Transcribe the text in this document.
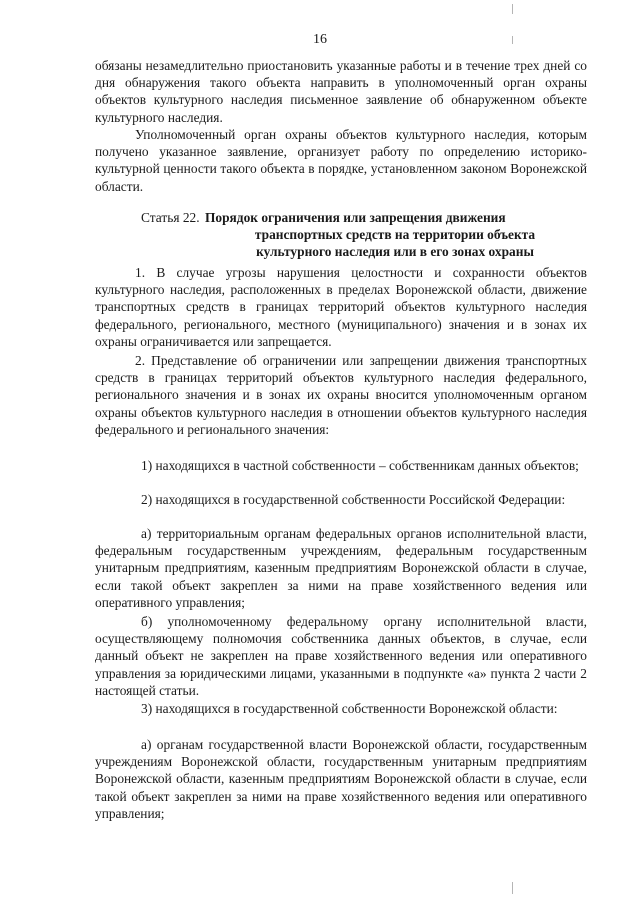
16
обязаны незамедлительно приостановить указанные работы и в течение трех дней со дня обнаружения такого объекта направить в уполномоченный орган охраны объектов культурного наследия письменное заявление об обнаруженном объекте культурного наследия.
Уполномоченный орган охраны объектов культурного наследия, которым получено указанное заявление, организует работу по определению историко-культурной ценности такого объекта в порядке, установленном законом Воронежской области.
Статья 22. Порядок ограничения или запрещения движения
транспортных средств на территории объекта
культурного наследия или в его зонах охраны
1. В случае угрозы нарушения целостности и сохранности объектов культурного наследия, расположенных в пределах Воронежской области, движение транспортных средств в границах территорий объектов культурного наследия федерального, регионального, местного (муниципального) значения и в зонах их охраны ограничивается или запрещается.
2. Представление об ограничении или запрещении движения транспортных средств в границах территорий объектов культурного наследия федерального, регионального значения и в зонах их охраны вносится уполномоченным органом охраны объектов культурного наследия в отношении объектов культурного наследия федерального и регионального значения:
1) находящихся в частной собственности – собственникам данных объектов;
2) находящихся в государственной собственности Российской Федерации:
а) территориальным органам федеральных органов исполнительной власти, федеральным государственным учреждениям, федеральным государственным унитарным предприятиям, казенным предприятиям Воронежской области в случае, если такой объект закреплен за ними на праве хозяйственного ведения или оперативного управления;
б) уполномоченному федеральному органу исполнительной власти, осуществляющему полномочия собственника данных объектов, в случае, если данный объект не закреплен на праве хозяйственного ведения или оперативного управления за юридическими лицами, указанными в подпункте «а» пункта 2 части 2 настоящей статьи.
3) находящихся в государственной собственности Воронежской области:
а) органам государственной власти Воронежской области, государственным учреждениям Воронежской области, государственным унитарным предприятиям Воронежской области, казенным предприятиям Воронежской области в случае, если такой объект закреплен за ними на праве хозяйственного ведения или оперативного управления;
